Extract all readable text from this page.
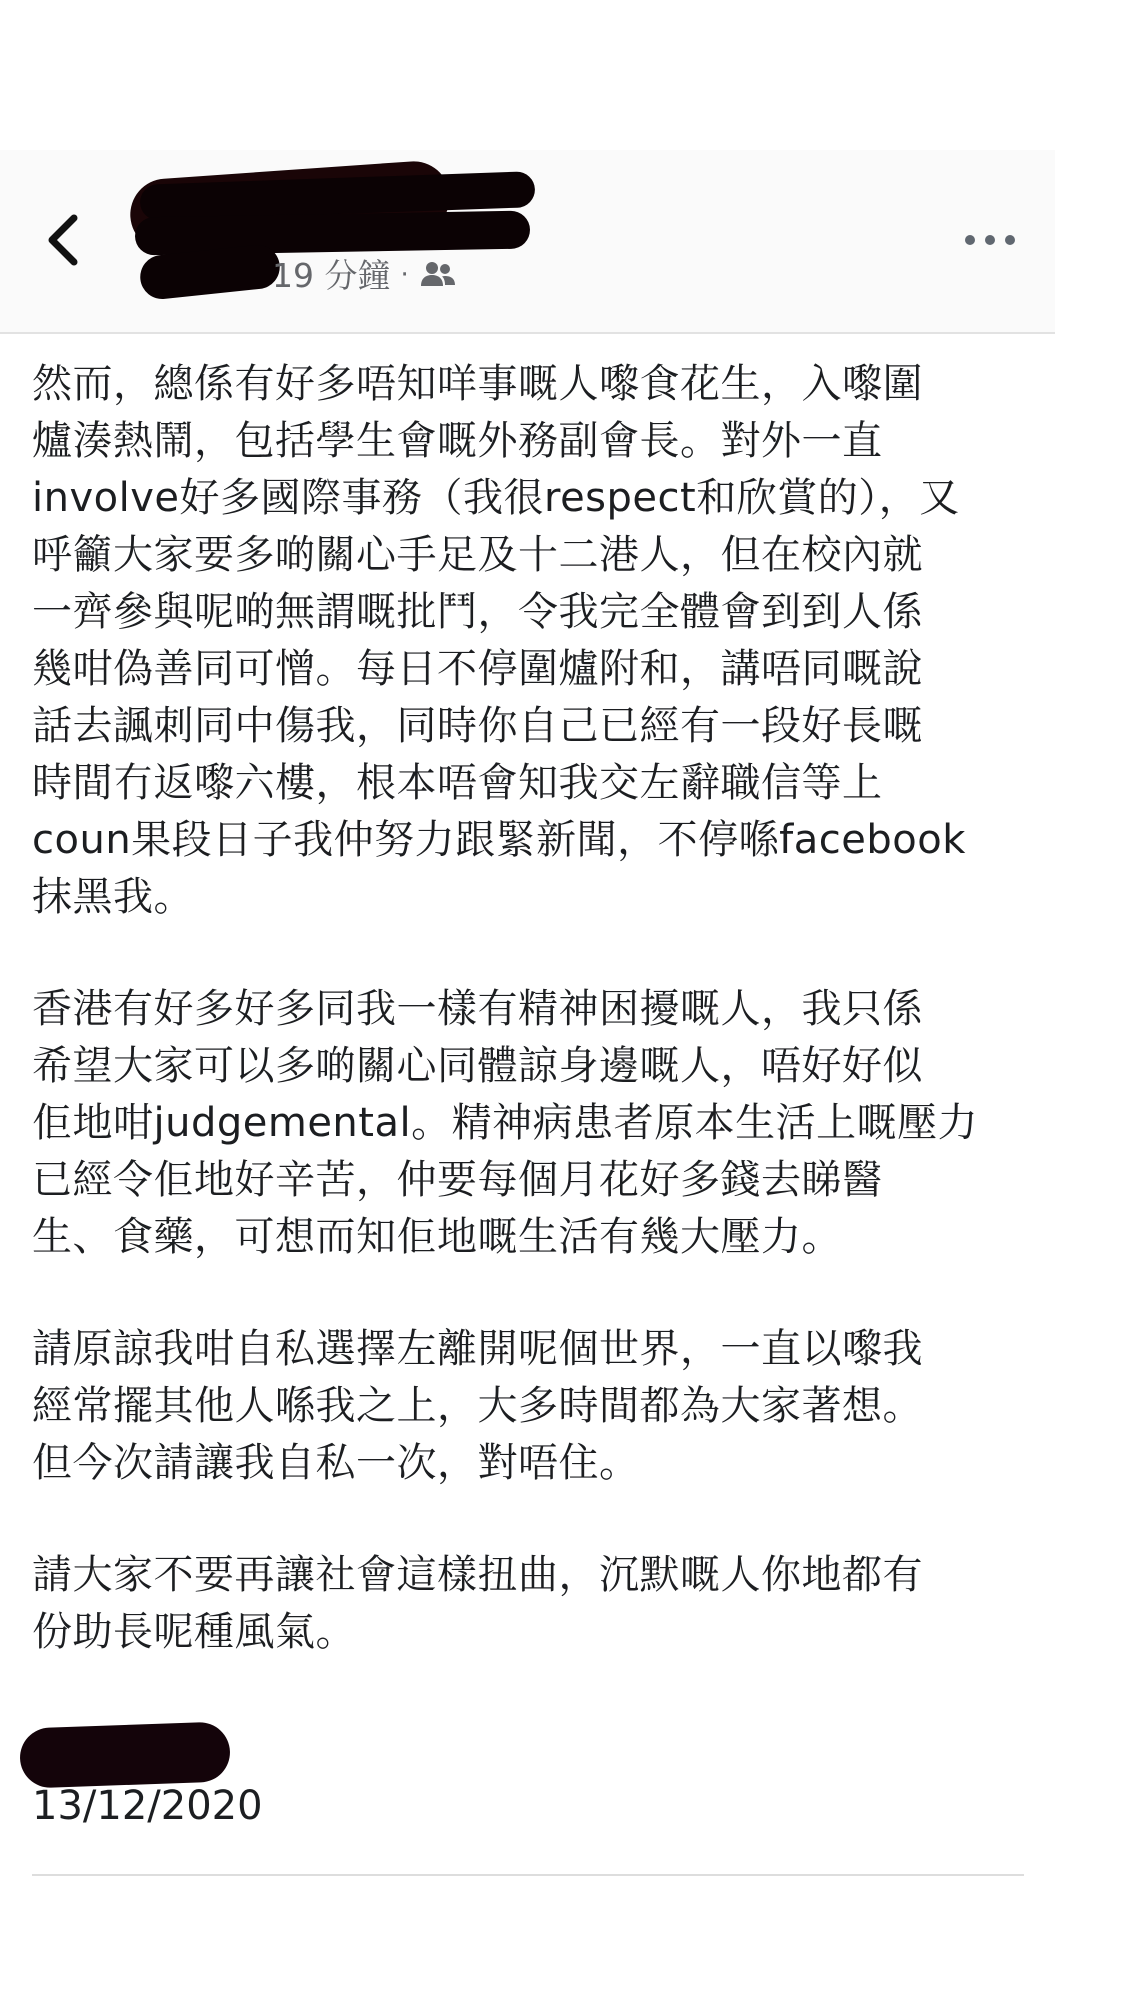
19 分鐘 ·

然而，總係有好多唔知咩事嘅人嚟食花生，入嚟圍
爐湊熱鬧，包括學生會嘅外務副會長。對外一直
involve好多國際事務（我很respect和欣賞的），又
呼籲大家要多啲關心手足及十二港人，但在校內就
一齊參與呢啲無謂嘅批鬥，令我完全體會到到人係
幾咁偽善同可憎。每日不停圍爐附和，講唔同嘅說
話去諷刺同中傷我，同時你自己已經有一段好長嘅
時間冇返嚟六樓，根本唔會知我交左辭職信等上
coun果段日子我仲努力跟緊新聞，不停喺facebook
抹黑我。

香港有好多好多同我一樣有精神困擾嘅人，我只係
希望大家可以多啲關心同體諒身邊嘅人，唔好好似
佢地咁judgemental。精神病患者原本生活上嘅壓力
已經令佢地好辛苦，仲要每個月花好多錢去睇醫
生、食藥，可想而知佢地嘅生活有幾大壓力。

請原諒我咁自私選擇左離開呢個世界，一直以嚟我
經常擺其他人喺我之上，大多時間都為大家著想。
但今次請讓我自私一次，對唔住。

請大家不要再讓社會這樣扭曲，沉默嘅人你地都有
份助長呢種風氣。

13/12/2020
